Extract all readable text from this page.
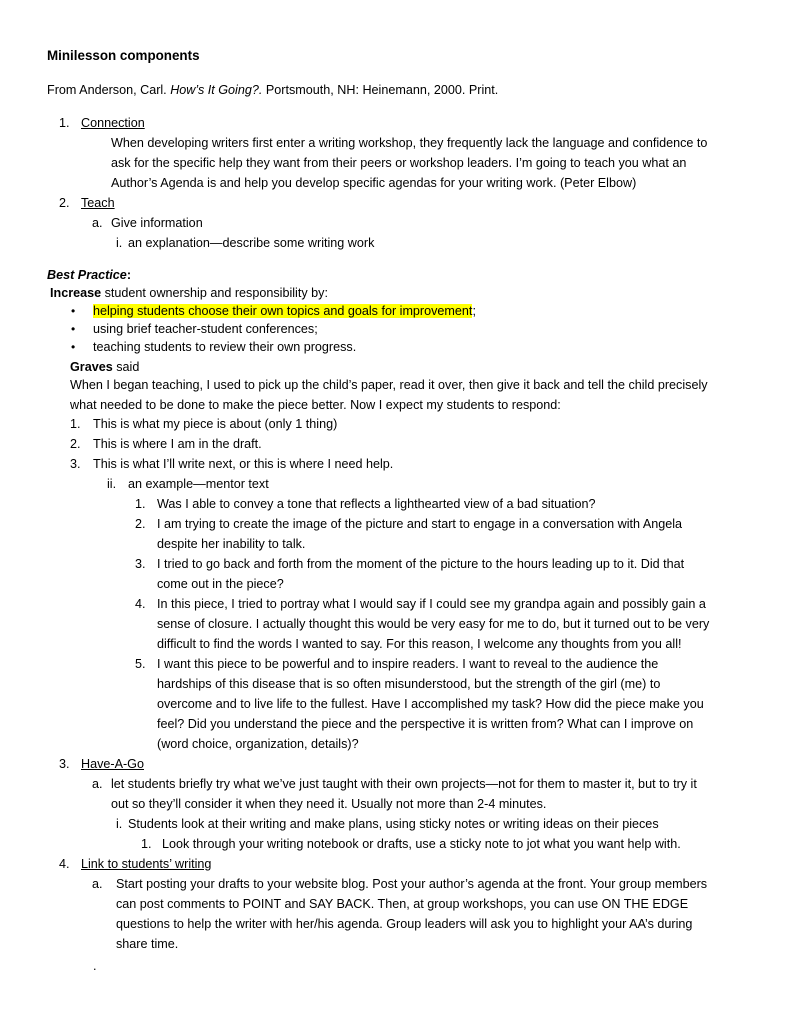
Minilesson components
From Anderson, Carl. How’s It Going?. Portsmouth, NH: Heinemann, 2000. Print.
1. Connection
When developing writers first enter a writing workshop, they frequently lack the language and confidence to
ask for the specific help they want from their peers or workshop leaders. I’m going to teach you what an
Author’s Agenda is and help you develop specific agendas for your writing work. (Peter Elbow)
2. Teach
a. Give information
i. an explanation—describe some writing work
Best Practice:
Increase student ownership and responsibility by:
• helping students choose their own topics and goals for improvement;
• using brief teacher-student conferences;
• teaching students to review their own progress.
Graves said
When I began teaching, I used to pick up the child’s paper, read it over, then give it back and tell the child precisely
what needed to be done to make the piece better. Now I expect my students to respond:
1. This is what my piece is about (only 1 thing)
2. This is where I am in the draft.
3. This is what I’ll write next, or this is where I need help.
ii. an example—mentor text
1. Was I able to convey a tone that reflects a lighthearted view of a bad situation?
2. I am trying to create the image of the picture and start to engage in a conversation with Angela
despite her inability to talk.
3. I tried to go back and forth from the moment of the picture to the hours leading up to it. Did that
come out in the piece?
4. In this piece, I tried to portray what I would say if I could see my grandpa again and possibly gain a
sense of closure. I actually thought this would be very easy for me to do, but it turned out to be very
difficult to find the words I wanted to say. For this reason, I welcome any thoughts from you all!
5. I want this piece to be powerful and to inspire readers. I want to reveal to the audience the
hardships of this disease that is so often misunderstood, but the strength of the girl (me) to
overcome and to live life to the fullest. Have I accomplished my task? How did the piece make you
feel? Did you understand the piece and the perspective it is written from? What can I improve on
(word choice, organization, details)?
3. Have-A-Go
a. let students briefly try what we’ve just taught with their own projects—not for them to master it, but to try it
out so they’ll consider it when they need it. Usually not more than 2-4 minutes.
i. Students look at their writing and make plans, using sticky notes or writing ideas on their pieces
1. Look through your writing notebook or drafts, use a sticky note to jot what you want help with.
4. Link to students’ writing
a. Start posting your drafts to your website blog. Post your author’s agenda at the front. Your group members
can post comments to POINT and SAY BACK. Then, at group workshops, you can use ON THE EDGE
questions to help the writer with her/his agenda. Group leaders will ask you to highlight your AA’s during
share time.
.
